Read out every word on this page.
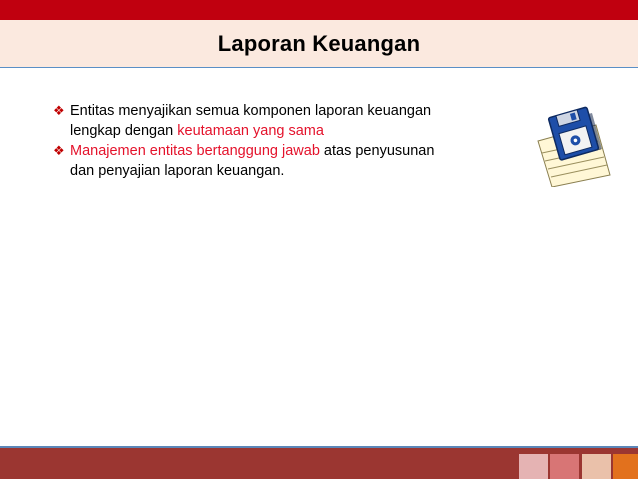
Laporan Keuangan
❖ Entitas menyajikan semua komponen laporan keuangan
lengkap dengan keutamaan yang sama
❖ Manajemen entitas bertanggung jawab atas penyusunan
dan penyajian laporan keuangan.
